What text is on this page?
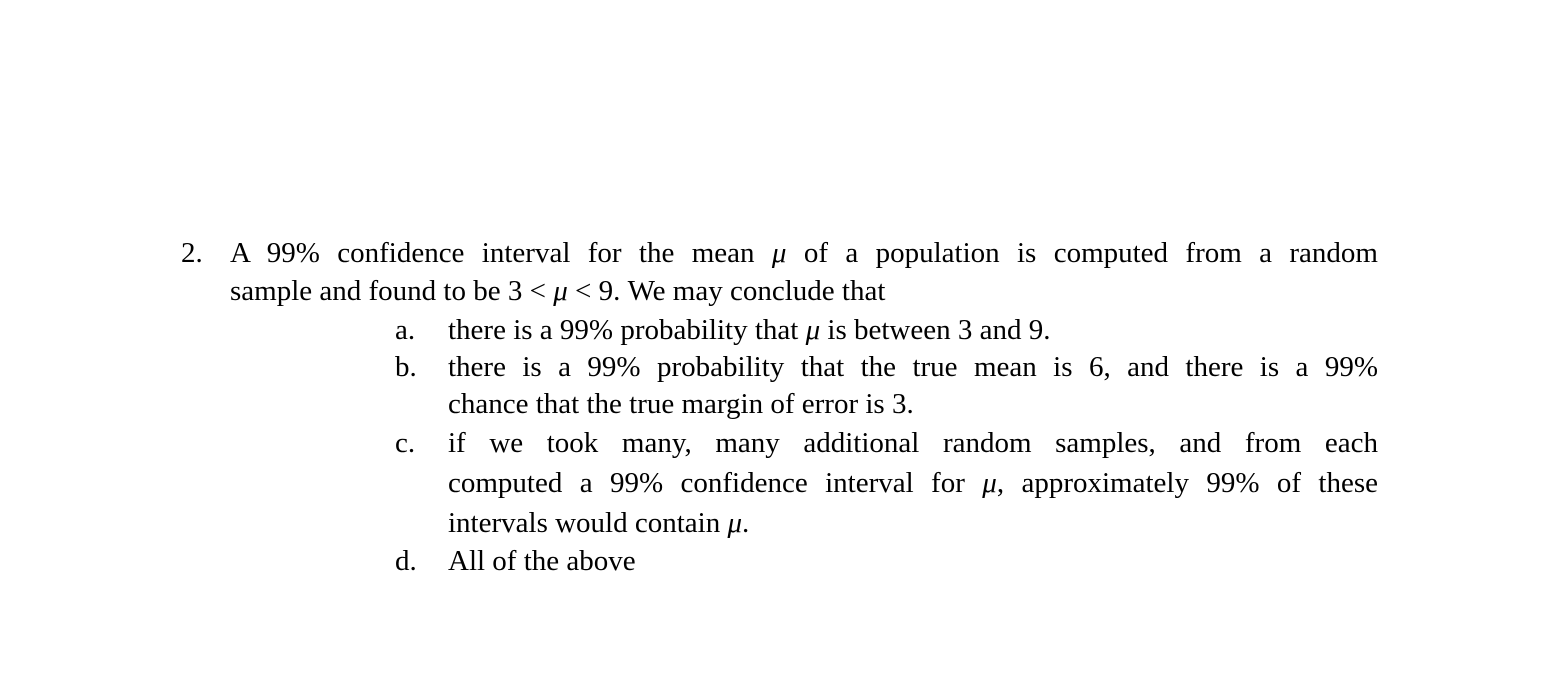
2. A 99% confidence interval for the mean μ of a population is computed from a random
sample and found to be 3 < μ < 9. We may conclude that
a. there is a 99% probability that μ is between 3 and 9.
b. there is a 99% probability that the true mean is 6, and there is a 99%
chance that the true margin of error is 3.
c. if we took many, many additional random samples, and from each
computed a 99% confidence interval for μ, approximately 99% of these
intervals would contain μ.
d. All of the above
